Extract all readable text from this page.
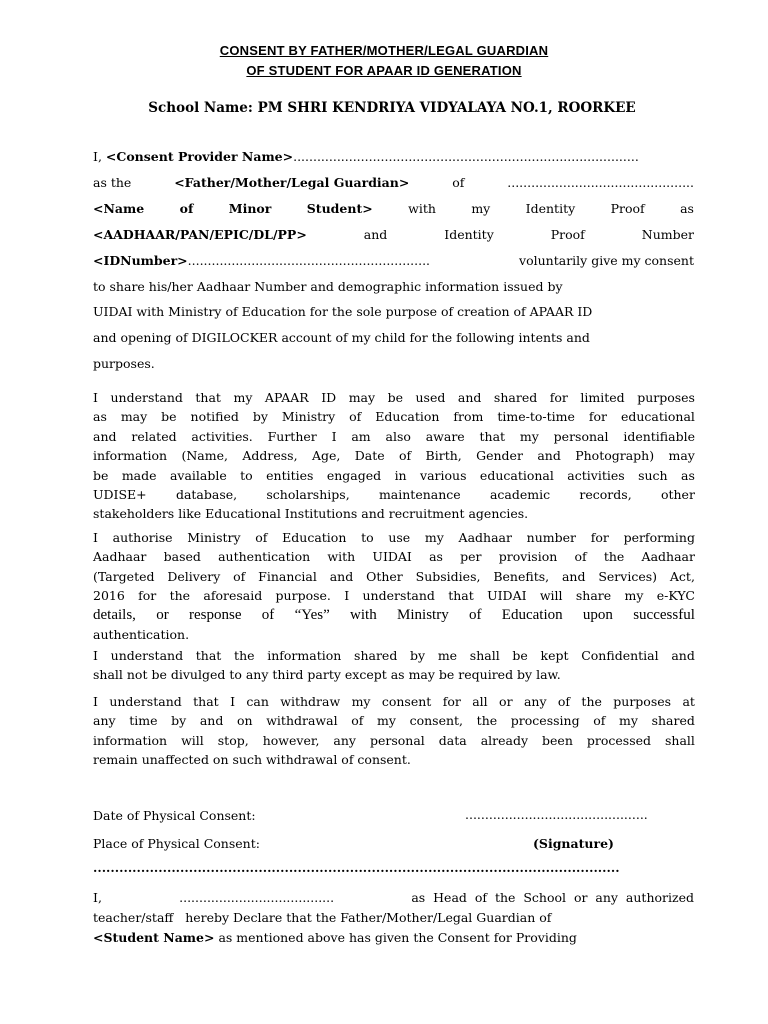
CONSENT BY FATHER/MOTHER/LEGAL GUARDIAN
OF STUDENT FOR APAAR ID GENERATION
School Name: PM SHRI KENDRIYA VIDYALAYA NO.1, ROORKEE
I, <Consent Provider Name>.......................................................................................
as the	<Father/Mother/Legal Guardian>	of	...............................................
<Name	of	Minor	Student>	with	my	Identity	Proof	as
<AADHAAR/PAN/EPIC/DL/PP>	and	Identity	Proof	Number
<IDNumber>.............................................................	voluntarily give my consent
to share his/her Aadhaar Number and demographic information issued by
UIDAI with Ministry of Education for the sole purpose of creation of APAAR ID
and opening of DIGILOCKER account of my child for the following intents and
purposes.
I understand that my APAAR ID may be used and shared for limited purposes
as may be notified by Ministry of Education from time-to-time for educational
and related activities. Further I am also aware that my personal identifiable
information (Name, Address, Age, Date of Birth, Gender and Photograph) may
be made available to entities engaged in various educational activities such as
UDISE+ database, scholarships, maintenance academic records, other
stakeholders like Educational Institutions and recruitment agencies.
I authorise Ministry of Education to use my Aadhaar number for performing
Aadhaar based authentication with UIDAI as per provision of the Aadhaar
(Targeted Delivery of Financial and Other Subsidies, Benefits, and Services) Act,
2016 for the aforesaid purpose. I understand that UIDAI will share my e-KYC
details, or response of “Yes” with Ministry of Education upon successful
authentication.
I understand that the information shared by me shall be kept Confidential and
shall not be divulged to any third party except as may be required by law.
I understand that I can withdraw my consent for all or any of the purposes at
any time by and on withdrawal of my consent, the processing of my shared
information will stop, however, any personal data already been processed shall
remain unaffected on such withdrawal of consent.
Date of Physical Consent:	..............................................
Place of Physical Consent:	(Signature)
.........................................................................................................................
I,	.......................................	as  Head  of  the  School  or  any  authorized
teacher/staff   hereby Declare that the Father/Mother/Legal Guardian of
<Student Name> as mentioned above has given the Consent for Providing
